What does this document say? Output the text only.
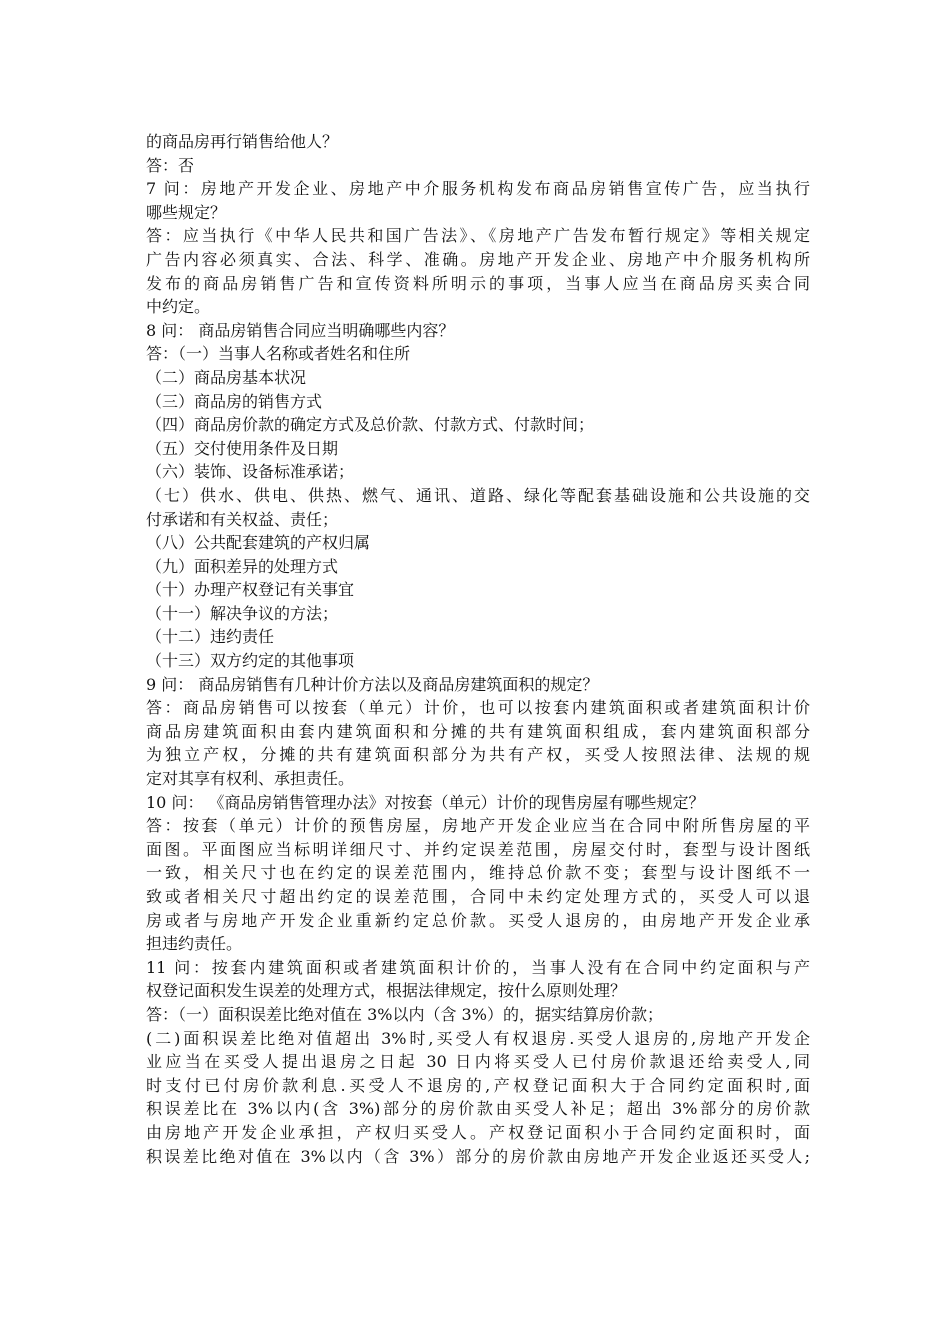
的商品房再行销售给他人？
答：否
7 问：房地产开发企业、房地产中介服务机构发布商品房销售宣传广告，应当执行
哪些规定？
答：应当执行《中华人民共和国广告法》、《房地产广告发布暂行规定》等相关规定
广告内容必须真实、合法、科学、准确。房地产开发企业、房地产中介服务机构所
发布的商品房销售广告和宣传资料所明示的事项，当事人应当在商品房买卖合同
中约定。
8 问： 商品房销售合同应当明确哪些内容？
答：（一）当事人名称或者姓名和住所
（二）商品房基本状况
（三）商品房的销售方式
（四）商品房价款的确定方式及总价款、付款方式、付款时间；
（五）交付使用条件及日期
（六）装饰、设备标准承诺；
（七）供水、供电、供热、燃气、通讯、道路、绿化等配套基础设施和公共设施的交
付承诺和有关权益、责任；
（八）公共配套建筑的产权归属
（九）面积差异的处理方式
（十）办理产权登记有关事宜
（十一）解决争议的方法；
（十二）违约责任
（十三）双方约定的其他事项
9 问： 商品房销售有几种计价方法以及商品房建筑面积的规定？
答：商品房销售可以按套（单元）计价，也可以按套内建筑面积或者建筑面积计价
商品房建筑面积由套内建筑面积和分摊的共有建筑面积组成，套内建筑面积部分
为独立产权，分摊的共有建筑面积部分为共有产权，买受人按照法律、法规的规
定对其享有权利、承担责任。
10 问： 《商品房销售管理办法》对按套（单元）计价的现售房屋有哪些规定？
答：按套（单元）计价的预售房屋，房地产开发企业应当在合同中附所售房屋的平
面图。平面图应当标明详细尺寸、并约定误差范围，房屋交付时，套型与设计图纸
一致，相关尺寸也在约定的误差范围内，维持总价款不变；套型与设计图纸不一
致或者相关尺寸超出约定的误差范围，合同中未约定处理方式的，买受人可以退
房或者与房地产开发企业重新约定总价款。买受人退房的，由房地产开发企业承
担违约责任。
11 问：按套内建筑面积或者建筑面积计价的，当事人没有在合同中约定面积与产
权登记面积发生误差的处理方式，根据法律规定，按什么原则处理？
答：（一）面积误差比绝对值在 3%以内（含 3%）的，据实结算房价款；
(二)面积误差比绝对值超出 3%时,买受人有权退房.买受人退房的,房地产开发企
业应当在买受人提出退房之日起 30 日内将买受人已付房价款退还给卖受人,同
时支付已付房价款利息.买受人不退房的,产权登记面积大于合同约定面积时,面
积误差比在 3%以内(含 3%)部分的房价款由买受人补足；超出 3%部分的房价款
由房地产开发企业承担，产权归买受人。产权登记面积小于合同约定面积时，面
积误差比绝对值在 3%以内（含 3%）部分的房价款由房地产开发企业返还买受人;
